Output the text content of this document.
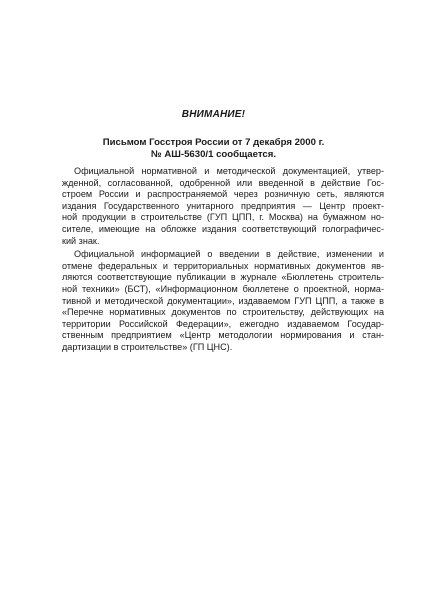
ВНИМАНИЕ!
Письмом Госстроя России от 7 декабря 2000 г.
№ АШ-5630/1 сообщается.
Официальной нормативной и методической документацией, утвер-
жденной, согласованной, одобренной или введенной в действие Гос-
строем России и распространяемой через розничную сеть, являются
издания Государственного унитарного предприятия — Центр проект-
ной продукции в строительстве (ГУП ЦПП, г. Москва) на бумажном но-
сителе, имеющие на обложке издания соответствующий голографичес-
кий знак.
Официальной информацией о введении в действие, изменении и
отмене федеральных и территориальных нормативных документов яв-
ляются соответствующие публикации в журнале «Бюллетень строитель-
ной техники» (БСТ), «Информационном бюллетене о проектной, норма-
тивной и методической документации», издаваемом ГУП ЦПП, а также в
«Перечне нормативных документов по строительству, действующих на
территории Российской Федерации», ежегодно издаваемом Государ-
ственным предприятием «Центр методологии нормирования и стан-
дартизации в строительстве» (ГП ЦНС).
